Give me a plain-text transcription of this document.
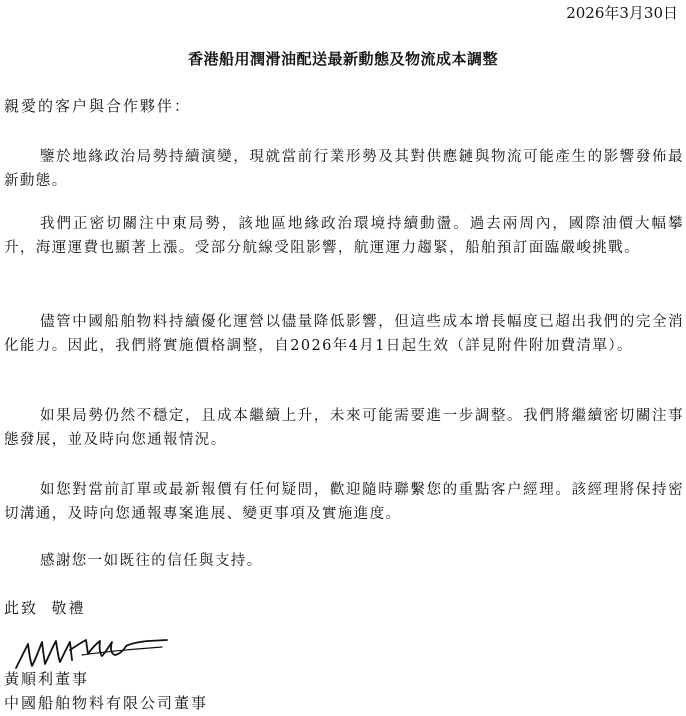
2026年3月30日
香港船用潤滑油配送最新動態及物流成本調整
親愛的客户與合作夥伴：

鑒於地緣政治局勢持續演變，現就當前行業形勢及其對供應鏈與物流可能產生的影響發佈最新動態。

我們正密切關注中東局勢，該地區地緣政治環境持續動盪。過去兩周內，國際油價大幅攀升，海運運費也顯著上漲。受部分航線受阻影響，航運運力趨緊，船舶預訂面臨嚴峻挑戰。

儘管中國船舶物料持續優化運營以儘量降低影響，但這些成本增長幅度已超出我們的完全消化能力。因此，我們將實施價格調整，自2026年4月1日起生效（詳見附件附加費清單）。

如果局勢仍然不穩定，且成本繼續上升，未來可能需要進一步調整。我們將繼續密切關注事態發展，並及時向您通報情況。

如您對當前訂單或最新報價有任何疑問，歡迎隨時聯繫您的重點客户經理。該經理將保持密切溝通，及時向您通報專案進展、變更事項及實施進度。

感謝您一如既往的信任與支持。

此致  敬禮
黃順利董事
中國船舶物料有限公司董事
